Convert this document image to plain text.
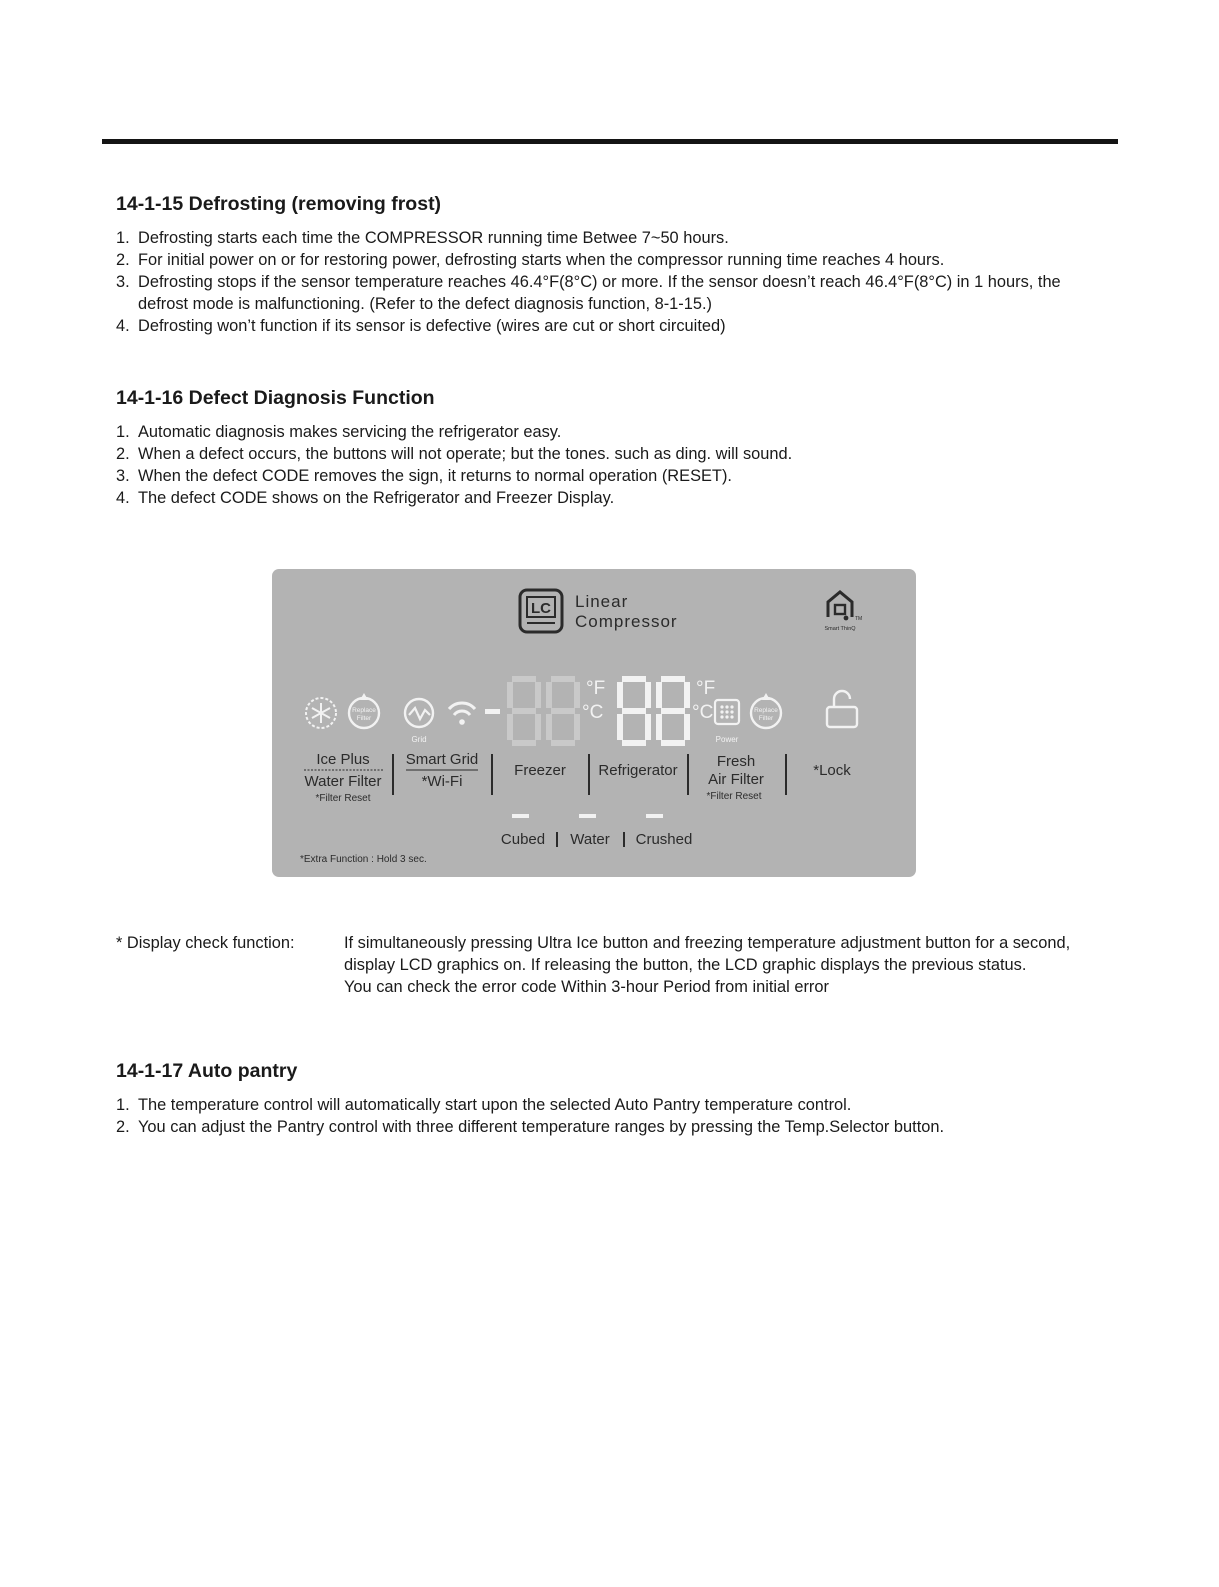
14-1-15 Defrosting (removing frost)
1. Defrosting starts each time the COMPRESSOR running time Betwee 7~50 hours.
2. For initial power on or for restoring power, defrosting starts when the compressor running time reaches 4 hours.
3. Defrosting stops if the sensor temperature reaches 46.4°F(8°C) or more. If the sensor doesn’t reach 46.4°F(8°C) in 1 hours, the defrost mode is malfunctioning. (Refer to the defect diagnosis function, 8-1-15.)
4. Defrosting won’t function if its sensor is defective (wires are cut or short circuited)
14-1-16 Defect Diagnosis Function
1. Automatic diagnosis makes servicing the refrigerator easy.
2. When a defect occurs, the buttons will not operate; but the tones. such as ding. will sound.
3. When the defect CODE removes the sign, it returns to normal operation (RESET).
4. The defect CODE shows on the Refrigerator and Freezer Display.
LC Linear
Compressor	TM
Smart ThinQ
Replace
Filter
Grid
°F
°C
°F
°C
Power
Replace
Filter
Ice Plus
Water Filter
*Filter Reset
Smart Grid
*Wi-Fi
Freezer Refrigerator
Fresh
Air Filter
*Filter Reset
*Lock
Cubed Water Crushed
*Extra Function : Hold 3 sec.
* Display check function:	If simultaneously pressing Ultra Ice button and freezing temperature adjustment button for a second, display LCD graphics on. If releasing the button, the LCD graphic displays the previous status.
You can check the error code Within 3-hour Period from initial error
14-1-17 Auto pantry
1. The temperature control will automatically start upon the selected Auto Pantry temperature control.
2. You can adjust the Pantry control with three different temperature ranges by pressing the Temp.Selector button.
